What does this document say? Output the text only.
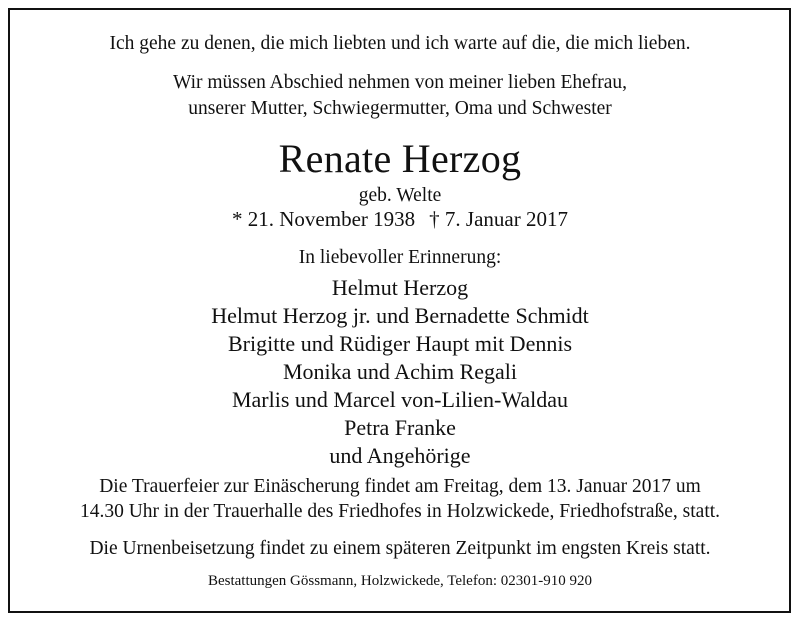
Ich gehe zu denen, die mich liebten und ich warte auf die, die mich lieben.
Wir müssen Abschied nehmen von meiner lieben Ehefrau,
unserer Mutter, Schwiegermutter, Oma und Schwester
Renate Herzog
geb. Welte
* 21. November 1938 † 7. Januar 2017
In liebevoller Erinnerung:
Helmut Herzog
Helmut Herzog jr. und Bernadette Schmidt
Brigitte und Rüdiger Haupt mit Dennis
Monika und Achim Regali
Marlis und Marcel von-Lilien-Waldau
Petra Franke
und Angehörige
Die Trauerfeier zur Einäscherung findet am Freitag, dem 13. Januar 2017 um
14.30 Uhr in der Trauerhalle des Friedhofes in Holzwickede, Friedhofstraße, statt.
Die Urnenbeisetzung findet zu einem späteren Zeitpunkt im engsten Kreis statt.
Bestattungen Gössmann, Holzwickede, Telefon: 02301-910 920
